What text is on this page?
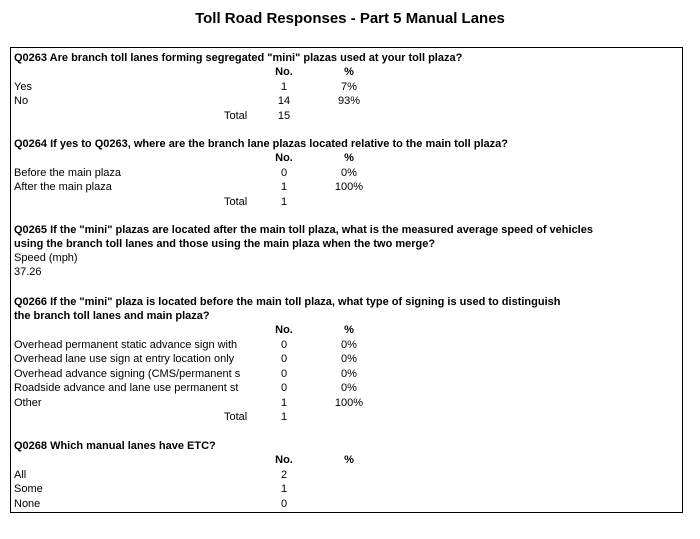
Toll Road Responses - Part 5 Manual Lanes
Q0263 Are branch toll lanes forming segregated "mini" plazas used at your toll plaza?
No.	%
Yes	1	7%
No	14	93%
Total	15
Q0264 If yes to Q0263, where are the branch lane plazas located relative to the main toll plaza?
No.	%
Before the main plaza	0	0%
After the main plaza	1	100%
Total	1
Q0265 If the "mini" plazas are located after the main toll plaza, what is the measured average speed of vehicles
using the branch toll lanes and those using the main plaza when the two merge?
Speed (mph)
37.26
Q0266 If the "mini" plaza is located before the main toll plaza, what type of signing is used to distinguish
the branch toll lanes and main plaza?
No.	%
Overhead permanent static advance sign with	0	0%
Overhead lane use sign at entry location only	0	0%
Overhead advance signing (CMS/permanent s	0	0%
Roadside advance and lane use permanent st	0	0%
Other	1	100%
Total	1
Q0268 Which manual lanes have ETC?
No.	%
All	2
Some	1
None	0
